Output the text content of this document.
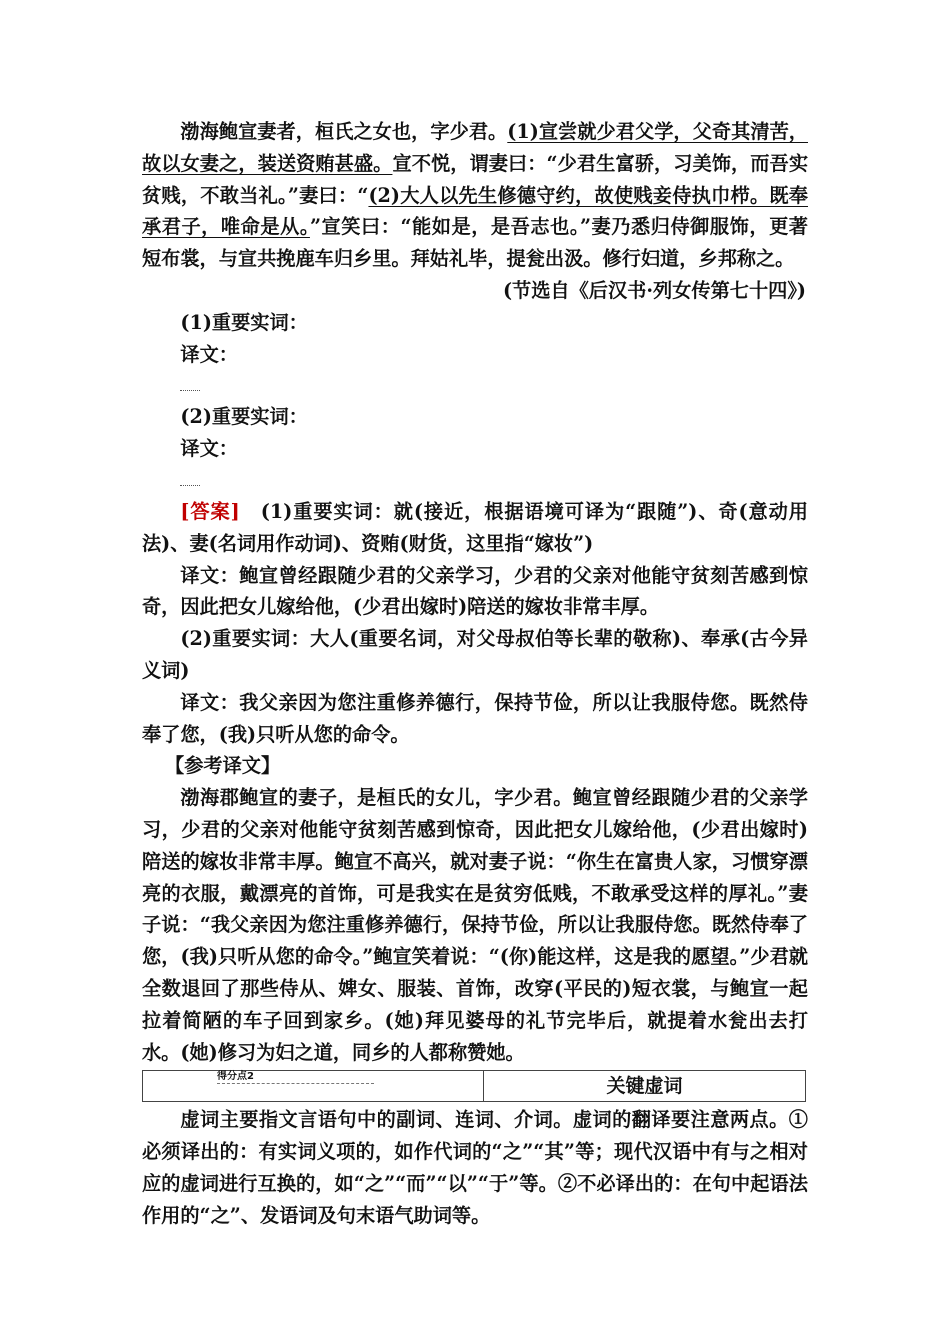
渤海鲍宣妻者，桓氏之女也，字少君。(1)宣尝就少君父学，父奇其清苦，故以女妻之，装送资贿甚盛。宣不悦，谓妻曰：“少君生富骄，习美饰，而吾实贫贱，不敢当礼。”妻曰：“(2)大人以先生修德守约，故使贱妾侍执巾栉。既奉承君子，唯命是从。”宣笑曰：“能如是，是吾志也。”妻乃悉归侍御服饰，更著短布裳，与宣共挽鹿车归乡里。拜姑礼毕，提瓮出汲。修行妇道，乡邦称之。

(节选自《后汉书·列女传第七十四》)

(1)重要实词：

译文：

(2)重要实词：

译文：

[答案]　(1)重要实词：就(接近，根据语境可译为“跟随”)、奇(意动用法)、妻(名词用作动词)、资贿(财货，这里指“嫁妆”)

译文：鲍宣曾经跟随少君的父亲学习，少君的父亲对他能守贫刻苦感到惊奇，因此把女儿嫁给他，(少君出嫁时)陪送的嫁妆非常丰厚。

(2)重要实词：大人(重要名词，对父母叔伯等长辈的敬称)、奉承(古今异义词)

译文：我父亲因为您注重修养德行，保持节俭，所以让我服侍您。既然侍奉了您，(我)只听从您的命令。

【参考译文】

渤海郡鲍宣的妻子，是桓氏的女儿，字少君。鲍宣曾经跟随少君的父亲学习，少君的父亲对他能守贫刻苦感到惊奇，因此把女儿嫁给他，(少君出嫁时)陪送的嫁妆非常丰厚。鲍宣不高兴，就对妻子说：“你生在富贵人家，习惯穿漂亮的衣服，戴漂亮的首饰，可是我实在是贫穷低贱，不敢承受这样的厚礼。”妻子说：“我父亲因为您注重修养德行，保持节俭，所以让我服侍您。既然侍奉了您，(我)只听从您的命令。”鲍宣笑着说：“(你)能这样，这是我的愿望。”少君就全数退回了那些侍从、婢女、服装、首饰，改穿(平民的)短衣裳，与鲍宣一起拉着简陋的车子回到家乡。(她)拜见婆母的礼节完毕后，就提着水瓮出去打水。(她)修习为妇之道，同乡的人都称赞她。

得分点2	关键虚词

虚词主要指文言语句中的副词、连词、介词。虚词的翻译要注意两点。①必须译出的：有实词义项的，如作代词的“之”“其”等；现代汉语中有与之相对应的虚词进行互换的，如“之”“而”“以”“于”等。②不必译出的：在句中起语法作用的“之”、发语词及句末语气助词等。
